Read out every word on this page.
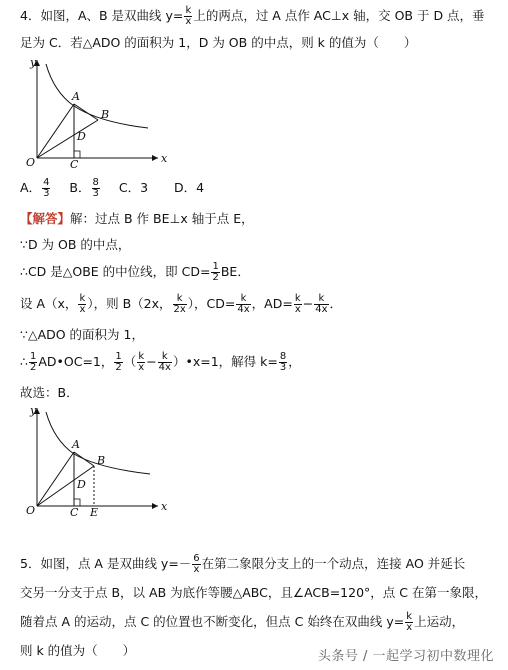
4．如图，A、B 是双曲线 $y= \frac{k}{x}$ 上的两点，过 A 点作 AC⊥x 轴，交 OB 于 D 点，垂
足为 C．若△ADO 的面积为 1，D 为 OB 的中点，则 k 的值为（　　）
y
x
O
A
B
C
D
A． $\frac{4}{3}$ B． $\frac{8}{3}$ C．3 D．4
【解答】解：过点 B 作 BE⊥x 轴于点 E，
∵D 为 OB 的中点，
∴CD 是△OBE 的中位线，即 $CD= \frac{1}{2}$ BE．
设 A（x， $\frac{k}{x}$ ），则 B（2x， $\frac{k}{2x}$ ），$CD= \frac{k}{4x}$ ，$AD= \frac{k}{x} - \frac{k}{4x}$ ．
∵△ADO 的面积为 1，
∴ $\frac{1}{2}$ AD•OC=1， $\frac{1}{2}$ （ $\frac{k}{x} - \frac{k}{4x}$ ）•x=1，解得 $k= \frac{8}{3}$ ，
故选：B．
y
x
O
A
B
C
D
E
5．如图，点 A 是双曲线 $y=- \frac{6}{x}$ 在第二象限分支上的一个动点，连接 AO 并延长
交另一分支于点 B，以 AB 为底作等腰△ABC，且∠ACB=120°，点 C 在第一象限，
随着点 A 的运动，点 C 的位置也不断变化，但点 C 始终在双曲线 $y= \frac{k}{x}$ 上运动，
则 k 的值为（　　）	头条号 / 一起学习初中数理化
